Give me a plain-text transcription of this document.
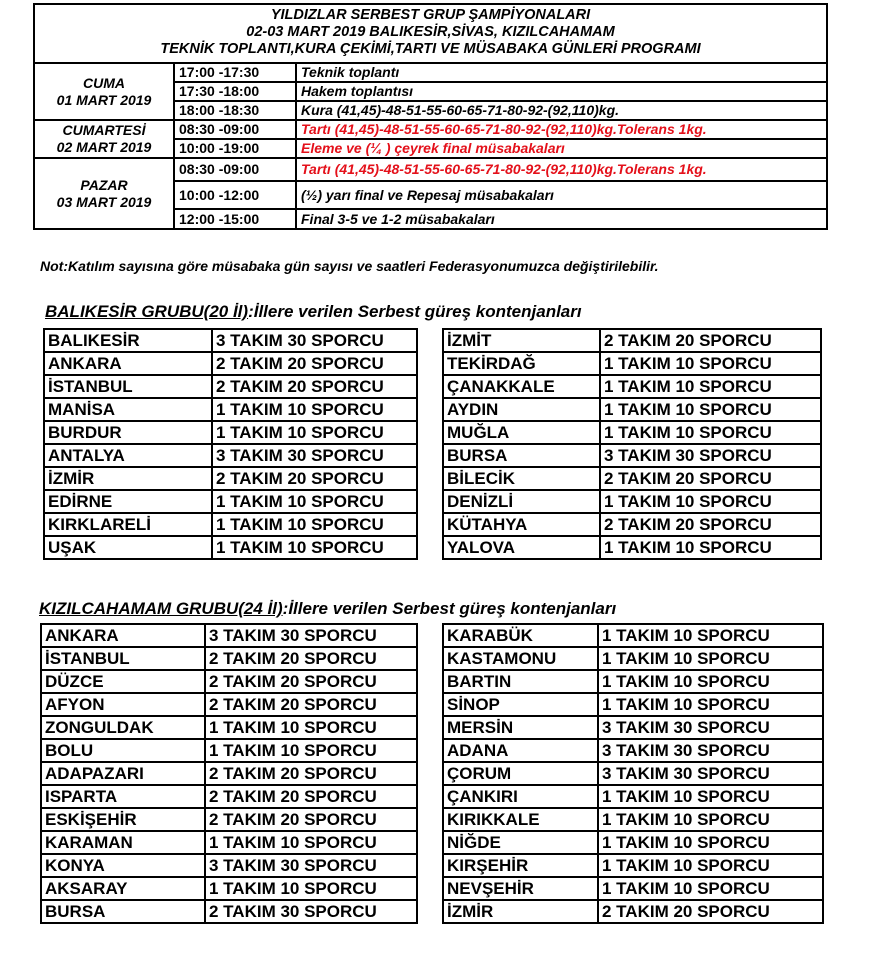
YILDIZLAR SERBEST GRUP ŞAMPİYONALARI
02-03 MART 2019 BALIKESİR,SİVAS, KIZILCAHAMAM
TEKNİK TOPLANTI,KURA ÇEKİMİ,TARTI VE MÜSABAKA GÜNLERİ PROGRAMI		

CUMA
01 MART 2019	17:00 -17:30	Teknik toplantı
	17:30 -18:00	Hakem toplantısı
	18:00 -18:30	Kura (41,45)-48-51-55-60-65-71-80-92-(92,110)kg.

CUMARTESİ
02 MART 2019	08:30 -09:00	Tartı (41,45)-48-51-55-60-65-71-80-92-(92,110)kg.Tolerans 1kg.
	10:00 -19:00	Eleme ve (¼ ) çeyrek final müsabakaları

PAZAR
03 MART 2019	08:30 -09:00	Tartı (41,45)-48-51-55-60-65-71-80-92-(92,110)kg.Tolerans 1kg.
	10:00 -12:00	(½) yarı final ve Repesaj müsabakaları
	12:00 -15:00	Final 3-5 ve 1-2 müsabakaları
Not:Katılım sayısına göre müsabaka gün sayısı ve saatleri Federasyonumuzca değiştirilebilir.
BALIKESİR GRUBU(20 İl):İllere verilen Serbest güreş kontenjanları
BALIKESİR	3 TAKIM 30 SPORCU		İZMİT	2 TAKIM 20 SPORCU
ANKARA	2 TAKIM 20 SPORCU		TEKİRDAĞ	1 TAKIM 10 SPORCU
İSTANBUL	2 TAKIM 20 SPORCU		ÇANAKKALE	1 TAKIM 10 SPORCU
MANİSA	1 TAKIM 10 SPORCU		AYDIN	1 TAKIM 10 SPORCU
BURDUR	1 TAKIM 10 SPORCU		MUĞLA	1 TAKIM 10 SPORCU
ANTALYA	3 TAKIM 30 SPORCU		BURSA	3 TAKIM 30 SPORCU
İZMİR	2 TAKIM 20 SPORCU		BİLECİK	2 TAKIM 20 SPORCU
EDİRNE	1 TAKIM 10 SPORCU		DENİZLİ	1 TAKIM 10 SPORCU
KIRKLARELİ	1 TAKIM 10 SPORCU		KÜTAHYA	2 TAKIM 20 SPORCU
UŞAK	1 TAKIM 10 SPORCU		YALOVA	1 TAKIM 10 SPORCU
KIZILCAHAMAM GRUBU(24 İl):İllere verilen Serbest güreş kontenjanları
ANKARA	3 TAKIM 30 SPORCU		KARABÜK	1 TAKIM 10 SPORCU
İSTANBUL	2 TAKIM 20 SPORCU		KASTAMONU	1 TAKIM 10 SPORCU
DÜZCE	2 TAKIM 20 SPORCU		BARTIN	1 TAKIM 10 SPORCU
AFYON	2 TAKIM 20 SPORCU		SİNOP	1 TAKIM 10 SPORCU
ZONGULDAK	1 TAKIM 10 SPORCU		MERSİN	3 TAKIM 30 SPORCU
BOLU	1 TAKIM 10 SPORCU		ADANA	3 TAKIM 30 SPORCU
ADAPAZARI	2 TAKIM 20 SPORCU		ÇORUM	3 TAKIM 30 SPORCU
ISPARTA	2 TAKIM 20 SPORCU		ÇANKIRI	1 TAKIM 10 SPORCU
ESKİŞEHİR	2 TAKIM 20 SPORCU		KIRIKKALE	1 TAKIM 10 SPORCU
KARAMAN	1 TAKIM 10 SPORCU		NİĞDE	1 TAKIM 10 SPORCU
KONYA	3 TAKIM 30 SPORCU		KIRŞEHİR	1 TAKIM 10 SPORCU
AKSARAY	1 TAKIM 10 SPORCU		NEVŞEHİR	1 TAKIM 10 SPORCU
BURSA	2 TAKIM 30 SPORCU		İZMİR	2 TAKIM 20 SPORCU
